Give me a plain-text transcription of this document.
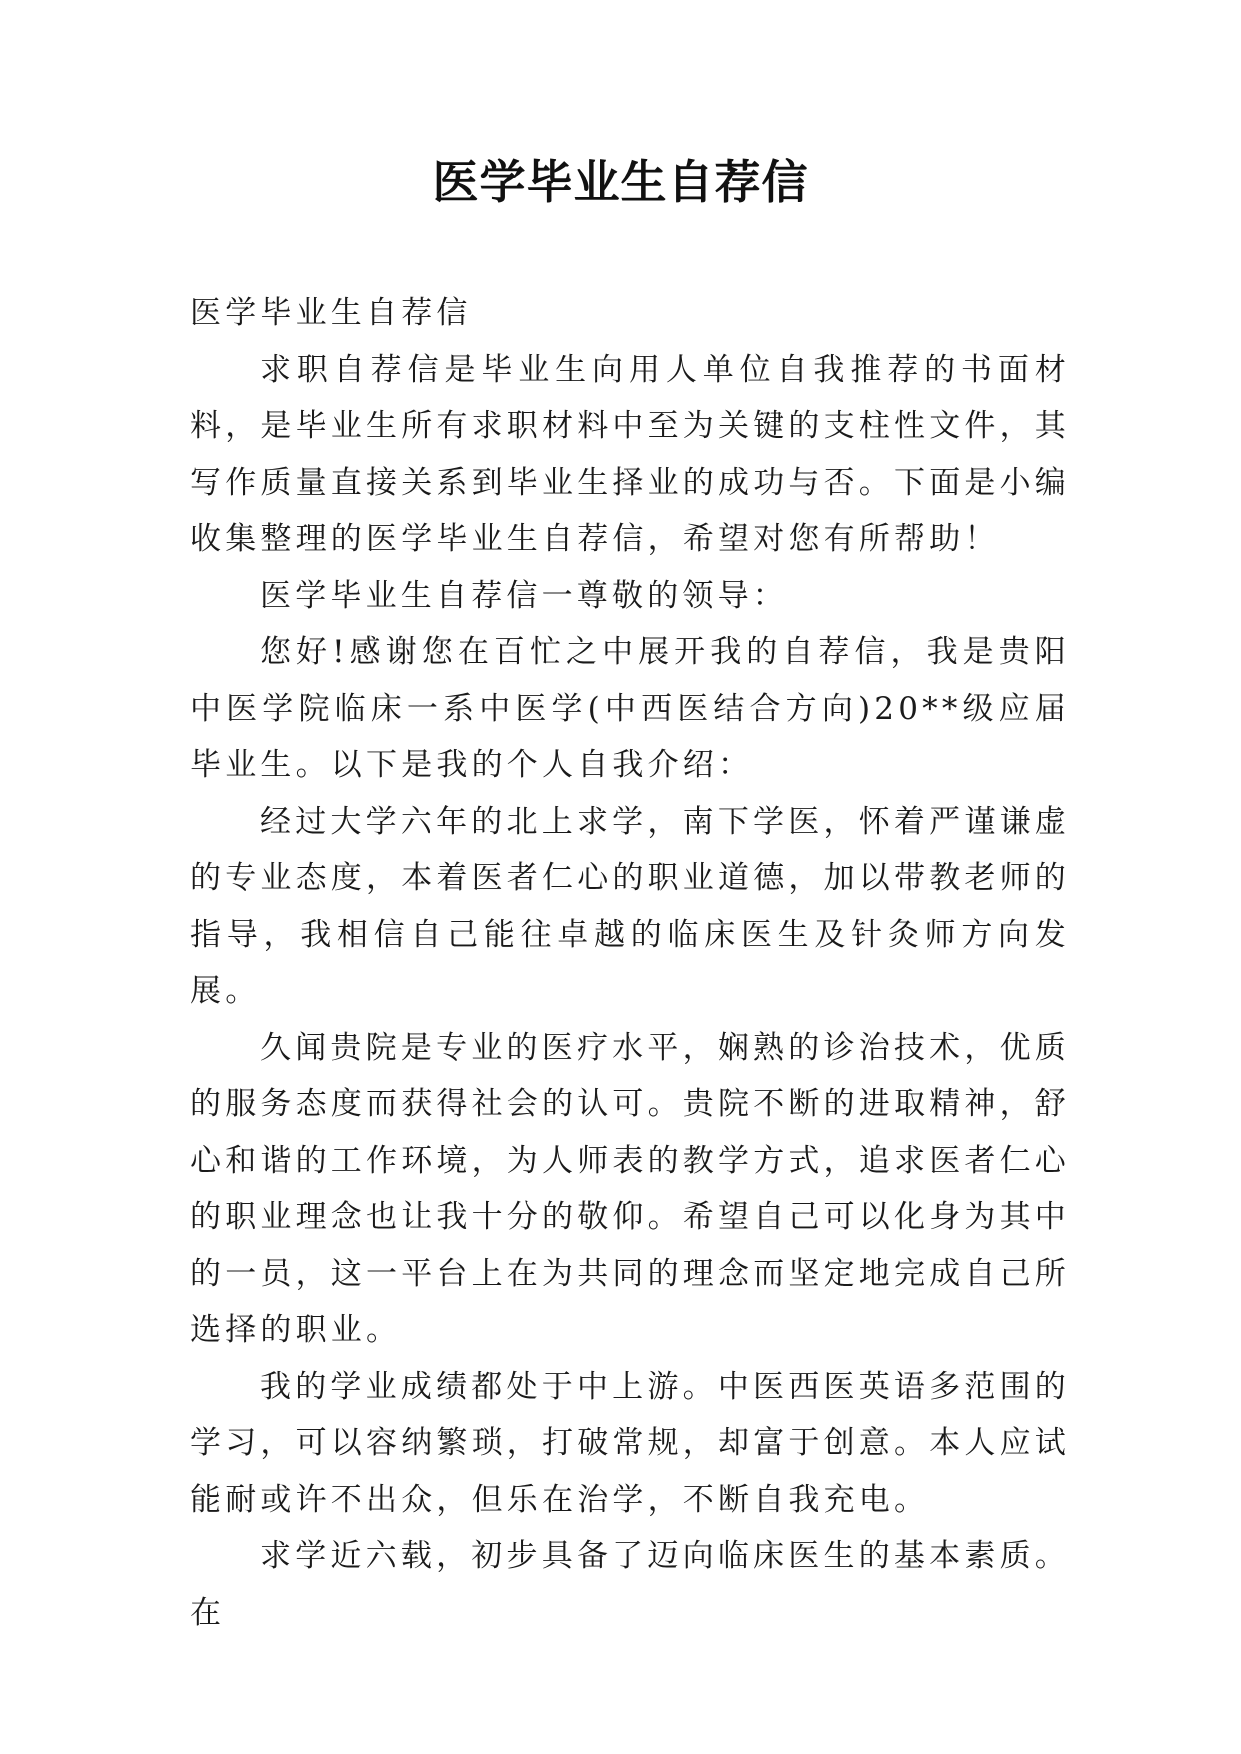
医学毕业生自荐信

医学毕业生自荐信

求职自荐信是毕业生向用人单位自我推荐的书面材料，是毕业生所有求职材料中至为关键的支柱性文件，其写作质量直接关系到毕业生择业的成功与否。下面是小编收集整理的医学毕业生自荐信，希望对您有所帮助！

医学毕业生自荐信一尊敬的领导：

您好!感谢您在百忙之中展开我的自荐信，我是贵阳中医学院临床一系中医学(中西医结合方向)20**级应届毕业生。以下是我的个人自我介绍：

经过大学六年的北上求学，南下学医，怀着严谨谦虚的专业态度，本着医者仁心的职业道德，加以带教老师的指导，我相信自己能往卓越的临床医生及针灸师方向发展。

久闻贵院是专业的医疗水平，娴熟的诊治技术，优质的服务态度而获得社会的认可。贵院不断的进取精神，舒心和谐的工作环境，为人师表的教学方式，追求医者仁心的职业理念也让我十分的敬仰。希望自己可以化身为其中的一员，这一平台上在为共同的理念而坚定地完成自己所选择的职业。

我的学业成绩都处于中上游。中医西医英语多范围的学习，可以容纳繁琐，打破常规，却富于创意。本人应试能耐或许不出众，但乐在治学，不断自我充电。

求学近六载，初步具备了迈向临床医生的基本素质。在
